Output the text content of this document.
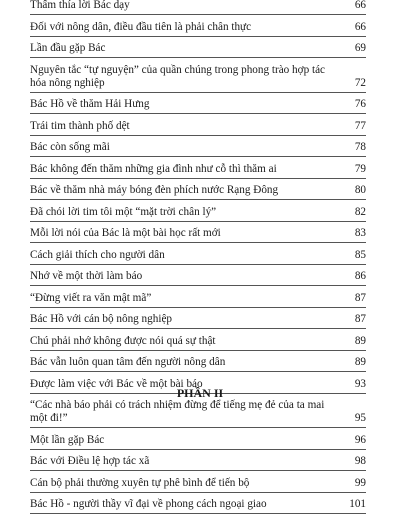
Thấm thía lời Bác dạy	66
Đối với nông dân, điều đầu tiên là phải chân thực	66
Lần đầu gặp Bác	69
Nguyên tắc “tự nguyện” của quần chúng trong phong trào hợp tác hóa nông nghiệp	72
Bác Hồ về thăm Hải Hưng	76
Trái tim thành phố dệt	77
Bác còn sống mãi	78
Bác không đến thăm những gia đình như cỗ thì thăm ai	79
Bác về thăm nhà máy bóng đèn phích nước Rạng Đông	80
Đã chói lời tim tôi một “mặt trời chân lý”	82
Mỗi lời nói của Bác là một bài học rất mới	83
Cách giải thích cho người dân	85
Nhớ về một thời làm báo	86
“Đừng viết ra văn mật mã”	87
Bác Hồ với cán bộ nông nghiệp	87
Chú phải nhớ không được nói quá sự thật	89
Bác vẫn luôn quan tâm đến người nông dân	89
Được làm việc với Bác về một bài báo	93
“Các nhà báo phải có trách nhiệm đừng để tiếng mẹ đẻ của ta mai một đi!”	95
Một lần gặp Bác	96
Bác với Điều lệ hợp tác xã	98
Cán bộ phải thường xuyên tự phê bình để tiến bộ	99
Bác Hồ - người thầy vĩ đại về phong cách ngoại giao	101
PHẦN II
